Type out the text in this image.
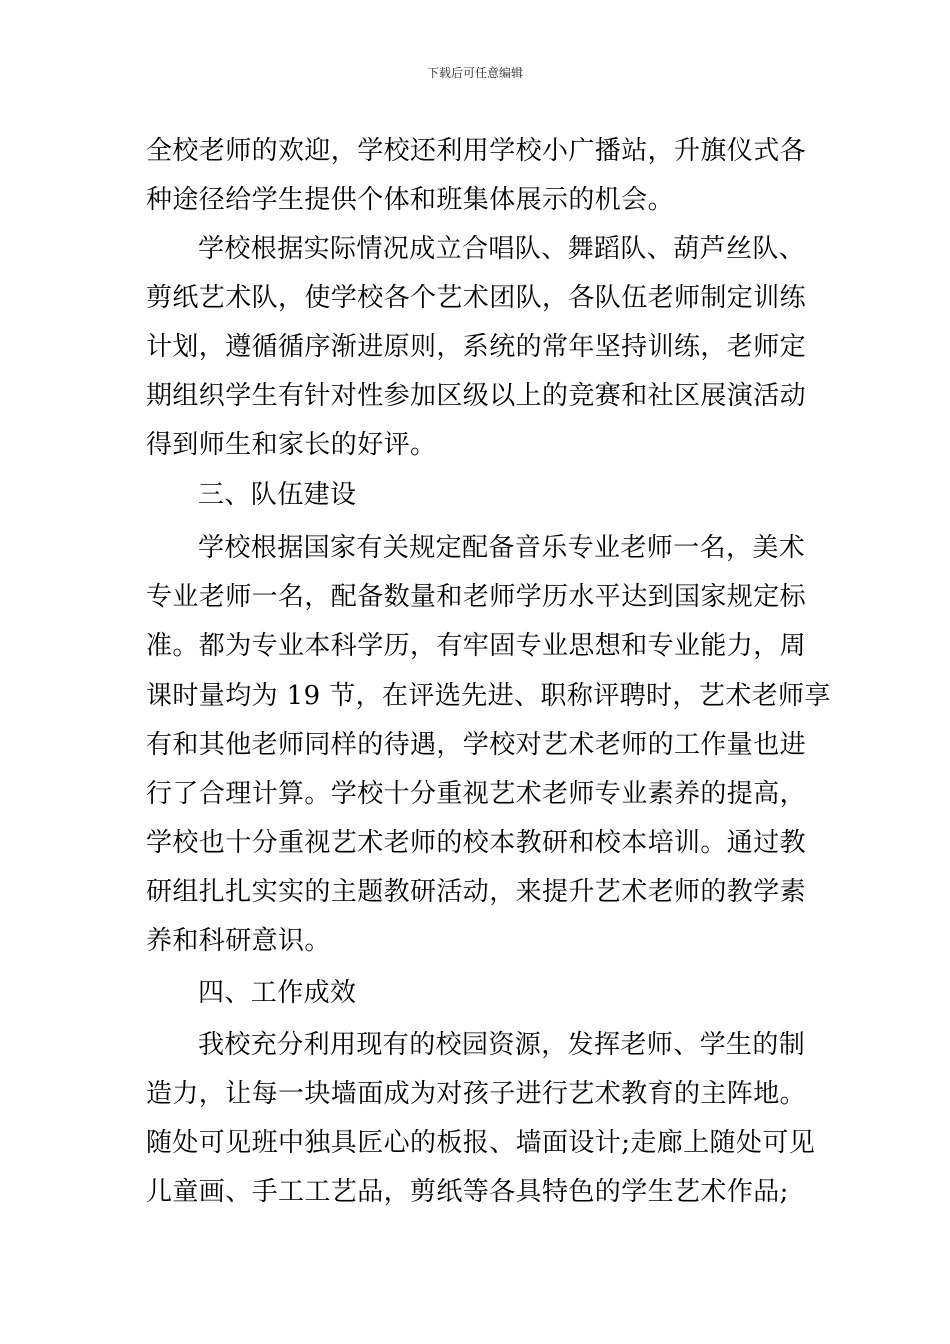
下载后可任意编辑
全校老师的欢迎，学校还利用学校小广播站，升旗仪式各
种途径给学生提供个体和班集体展示的机会。
学校根据实际情况成立合唱队、舞蹈队、葫芦丝队、
剪纸艺术队，使学校各个艺术团队，各队伍老师制定训练
计划，遵循循序渐进原则，系统的常年坚持训练，老师定
期组织学生有针对性参加区级以上的竞赛和社区展演活动
得到师生和家长的好评。
三、队伍建设
学校根据国家有关规定配备音乐专业老师一名，美术
专业老师一名，配备数量和老师学历水平达到国家规定标
准。都为专业本科学历，有牢固专业思想和专业能力，周
课时量均为 19 节，在评选先进、职称评聘时，艺术老师享
有和其他老师同样的待遇，学校对艺术老师的工作量也进
行了合理计算。学校十分重视艺术老师专业素养的提高，
学校也十分重视艺术老师的校本教研和校本培训。通过教
研组扎扎实实的主题教研活动，来提升艺术老师的教学素
养和科研意识。
四、工作成效
我校充分利用现有的校园资源，发挥老师、学生的制
造力，让每一块墙面成为对孩子进行艺术教育的主阵地。
随处可见班中独具匠心的板报、墙面设计;走廊上随处可见
儿童画、手工工艺品，剪纸等各具特色的学生艺术作品;
